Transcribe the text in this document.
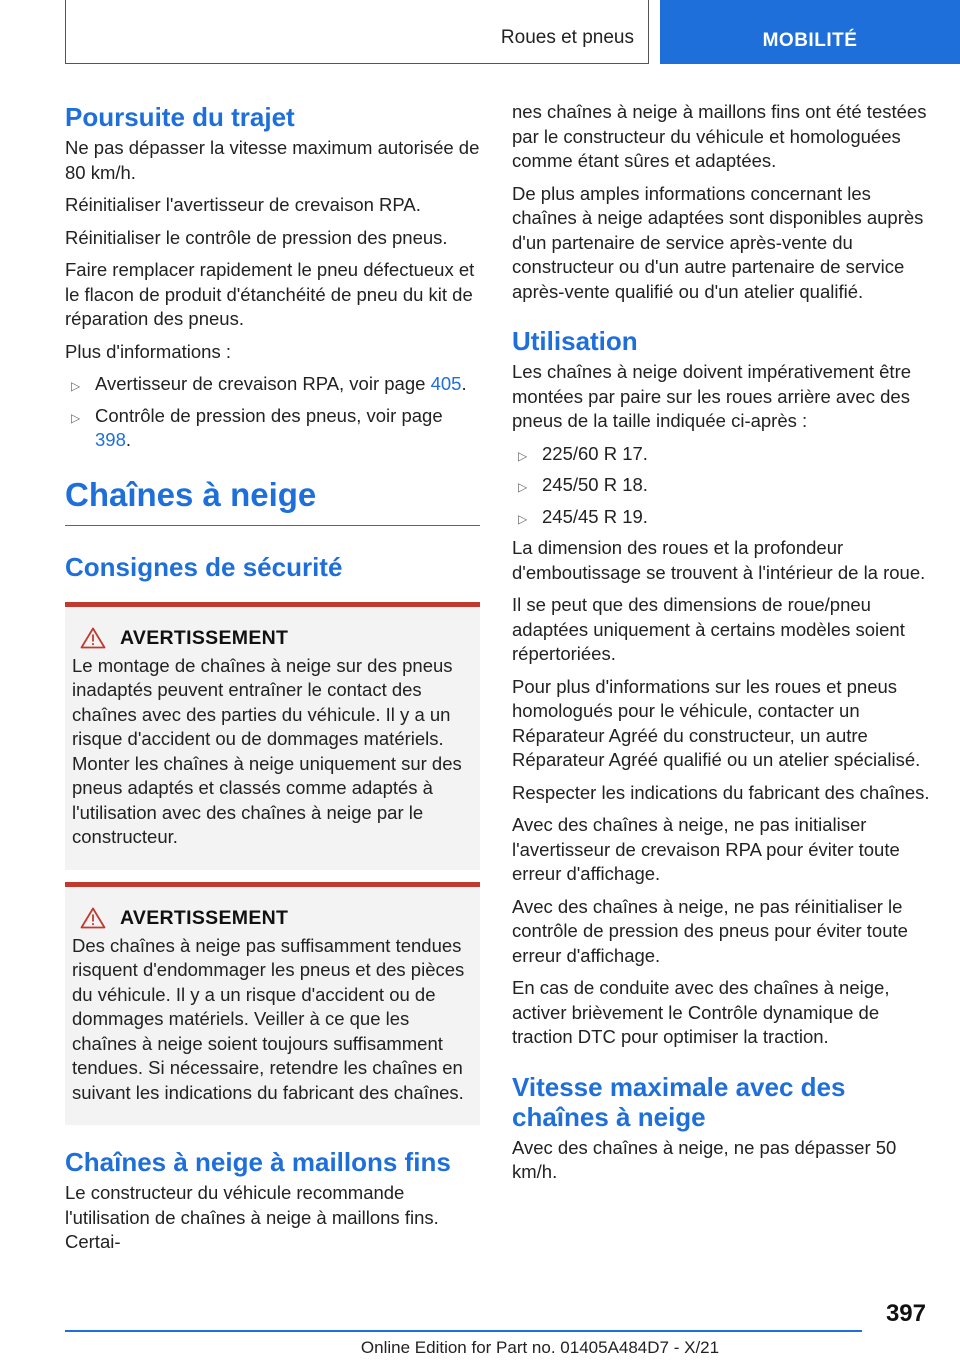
Roues et pneus	MOBILITÉ
Poursuite du trajet

Ne pas dépasser la vitesse maximum autorisée de 80 km/h.

Réinitialiser l'avertisseur de crevaison RPA.

Réinitialiser le contrôle de pression des pneus.

Faire remplacer rapidement le pneu défectueux et le flacon de produit d'étanchéité de pneu du kit de réparation des pneus.

Plus d'informations :

▷ Avertisseur de crevaison RPA, voir page 405.
▷ Contrôle de pression des pneus, voir page 398.
Chaînes à neige
Consignes de sécurité
AVERTISSEMENT

Le montage de chaînes à neige sur des pneus inadaptés peuvent entraîner le contact des chaînes avec des parties du véhicule. Il y a un risque d'accident ou de dommages matériels. Monter les chaînes à neige uniquement sur des pneus adaptés et classés comme adaptés à l'utilisation avec des chaînes à neige par le constructeur.

AVERTISSEMENT

Des chaînes à neige pas suffisamment tendues risquent d'endommager les pneus et des pièces du véhicule. Il y a un risque d'accident ou de dommages matériels. Veiller à ce que les chaînes à neige soient toujours suffisamment tendues. Si nécessaire, retendre les chaînes en suivant les indications du fabricant des chaînes.

Chaînes à neige à maillons fins

Le constructeur du véhicule recommande l'utilisation de chaînes à neige à maillons fins. Certai-

nes chaînes à neige à maillons fins ont été testées par le constructeur du véhicule et homologuées comme étant sûres et adaptées.

De plus amples informations concernant les chaînes à neige adaptées sont disponibles auprès d'un partenaire de service après-vente du constructeur ou d'un autre partenaire de service après-vente qualifié ou d'un atelier qualifié.

Utilisation

Les chaînes à neige doivent impérativement être montées par paire sur les roues arrière avec des pneus de la taille indiquée ci-après :

▷ 225/60 R 17.
▷ 245/50 R 18.
▷ 245/45 R 19.

La dimension des roues et la profondeur d'emboutissage se trouvent à l'intérieur de la roue.

Il se peut que des dimensions de roue/pneu adaptées uniquement à certains modèles soient répertoriées.

Pour plus d'informations sur les roues et pneus homologués pour le véhicule, contacter un Réparateur Agréé du constructeur, un autre Réparateur Agréé qualifié ou un atelier spécialisé.

Respecter les indications du fabricant des chaînes.

Avec des chaînes à neige, ne pas initialiser l'avertisseur de crevaison RPA pour éviter toute erreur d'affichage.

Avec des chaînes à neige, ne pas réinitialiser le contrôle de pression des pneus pour éviter toute erreur d'affichage.

En cas de conduite avec des chaînes à neige, activer brièvement le Contrôle dynamique de traction DTC pour optimiser la traction.

Vitesse maximale avec des chaînes à neige

Avec des chaînes à neige, ne pas dépasser 50 km/h.

397
Online Edition for Part no. 01405A484D7 - X/21
